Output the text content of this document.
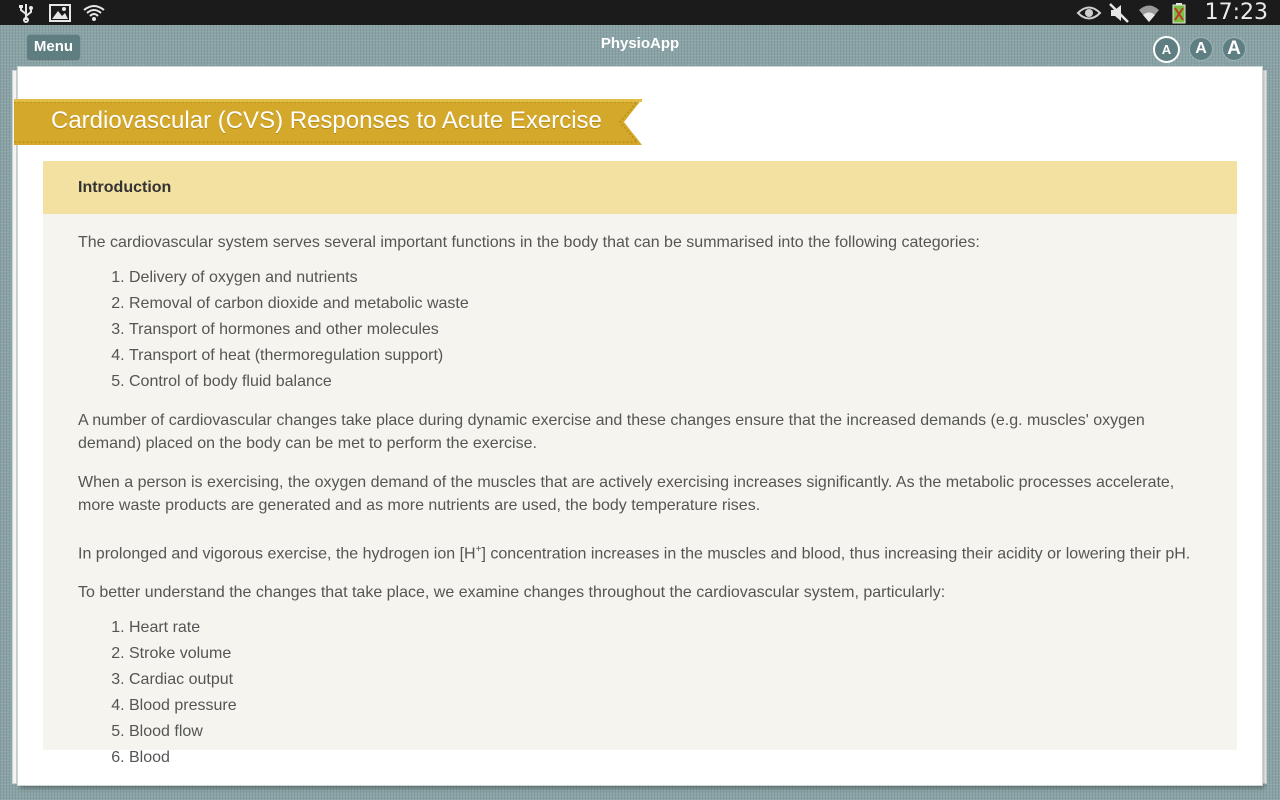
17:23
Menu	PhysioApp	A	A	A
Cardiovascular (CVS) Responses to Acute Exercise
Introduction

The cardiovascular system serves several important functions in the body that can be summarised into the following categories:

1. Delivery of oxygen and nutrients
2. Removal of carbon dioxide and metabolic waste
3. Transport of hormones and other molecules
4. Transport of heat (thermoregulation support)
5. Control of body fluid balance

A number of cardiovascular changes take place during dynamic exercise and these changes ensure that the increased demands (e.g. muscles' oxygen demand) placed on the body can be met to perform the exercise.

When a person is exercising, the oxygen demand of the muscles that are actively exercising increases significantly. As the metabolic processes accelerate, more waste products are generated and as more nutrients are used, the body temperature rises.

In prolonged and vigorous exercise, the hydrogen ion [H+] concentration increases in the muscles and blood, thus increasing their acidity or lowering their pH.

To better understand the changes that take place, we examine changes throughout the cardiovascular system, particularly:

1. Heart rate
2. Stroke volume
3. Cardiac output
4. Blood pressure
5. Blood flow
6. Blood
